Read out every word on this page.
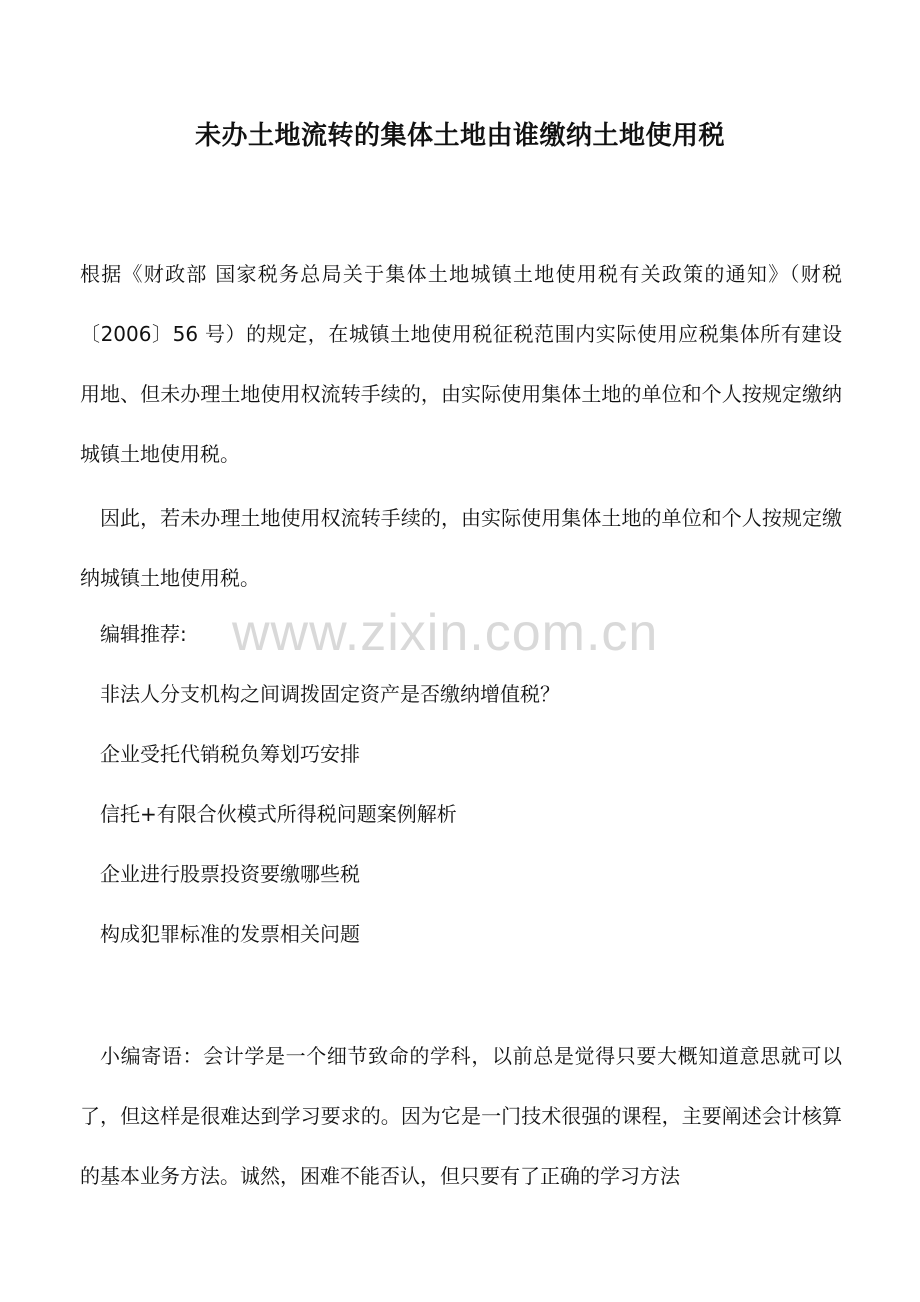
未办土地流转的集体土地由谁缴纳土地使用税

根据《财政部 国家税务总局关于集体土地城镇土地使用税有关政策的通知》（财税〔2006〕56 号）的规定，在城镇土地使用税征税范围内实际使用应税集体所有建设用地、但未办理土地使用权流转手续的，由实际使用集体土地的单位和个人按规定缴纳城镇土地使用税。

因此，若未办理土地使用权流转手续的，由实际使用集体土地的单位和个人按规定缴纳城镇土地使用税。

编辑推荐: www.zixin.com.cn
非法人分支机构之间调拨固定资产是否缴纳增值税？
企业受托代销税负筹划巧安排
信托+有限合伙模式所得税问题案例解析
企业进行股票投资要缴哪些税
构成犯罪标准的发票相关问题

小编寄语：会计学是一个细节致命的学科，以前总是觉得只要大概知道意思就可以了，但这样是很难达到学习要求的。因为它是一门技术很强的课程，主要阐述会计核算的基本业务方法。诚然，困难不能否认，但只要有了正确的学习方法
